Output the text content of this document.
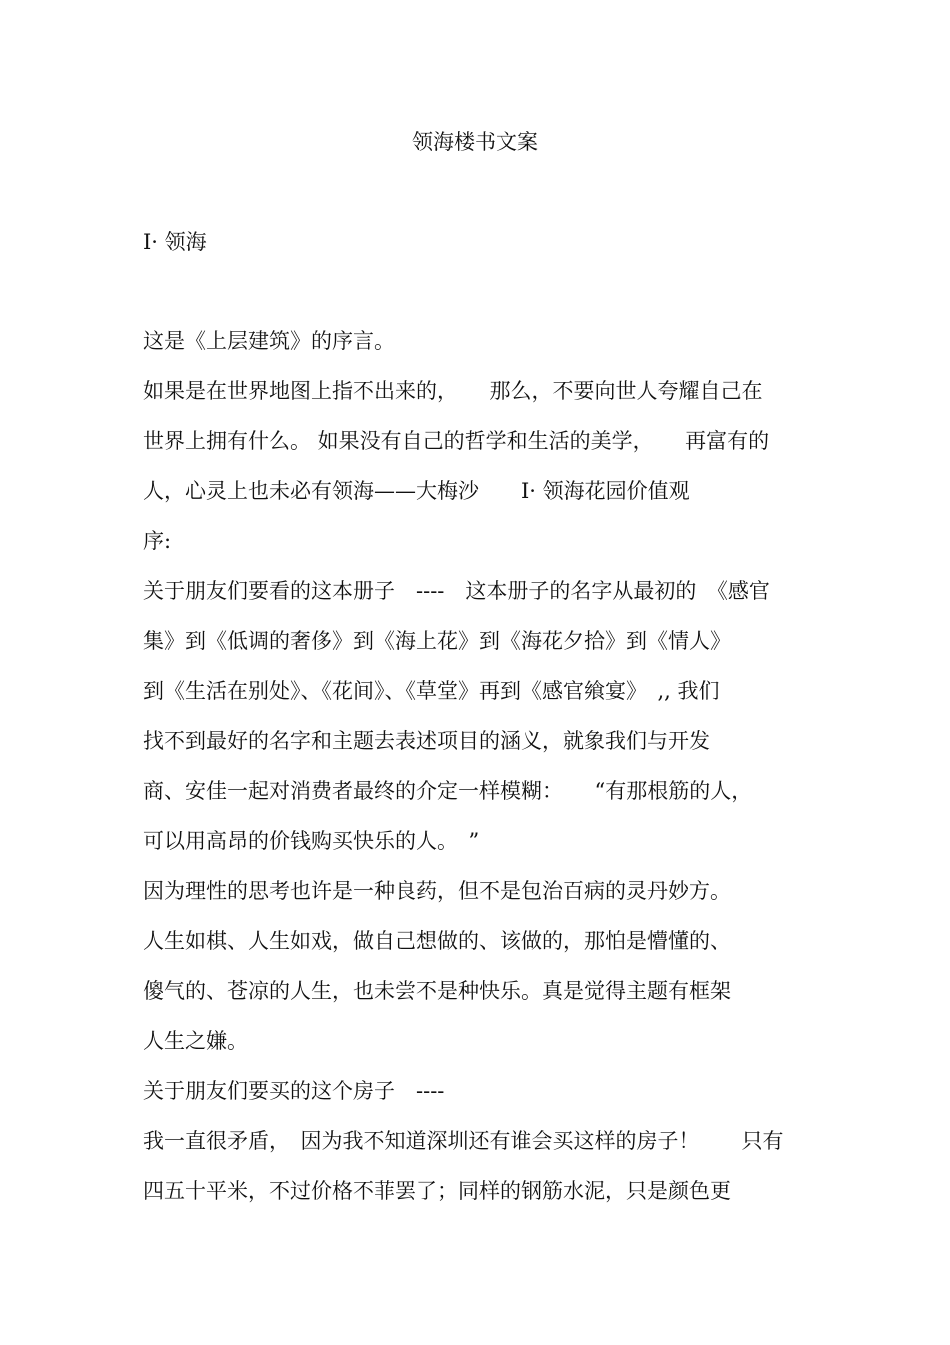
领海楼书文案
I· 领海
这是《上层建筑》的序言。
如果是在世界地图上指不出来的，　　那么，不要向世人夸耀自己在
世界上拥有什么。 如果没有自己的哲学和生活的美学，　　再富有的
人，心灵上也未必有领海——大梅沙　　I· 领海花园价值观
序:
关于朋友们要看的这本册子　----　这本册子的名字从最初的　《感官
集》到《低调的奢侈》到《海上花》到《海花夕拾》到《情人》
到《生活在别处》、《花间》、《草堂》再到《感官飨宴》　,, 我们
找不到最好的名字和主题去表述项目的涵义，就象我们与开发
商、安佳一起对消费者最终的介定一样模糊：　　“有那根筋的人，
可以用高昂的价钱购买快乐的人。　”
因为理性的思考也许是一种良药，但不是包治百病的灵丹妙方。
人生如棋、人生如戏，做自己想做的、该做的，那怕是懵懂的、
傻气的、苍凉的人生，也未尝不是种快乐。真是觉得主题有框架
人生之嫌。
关于朋友们要买的这个房子　----
我一直很矛盾，　因为我不知道深圳还有谁会买这样的房子！　　只有
四五十平米，不过价格不菲罢了；同样的钢筋水泥，只是颜色更
